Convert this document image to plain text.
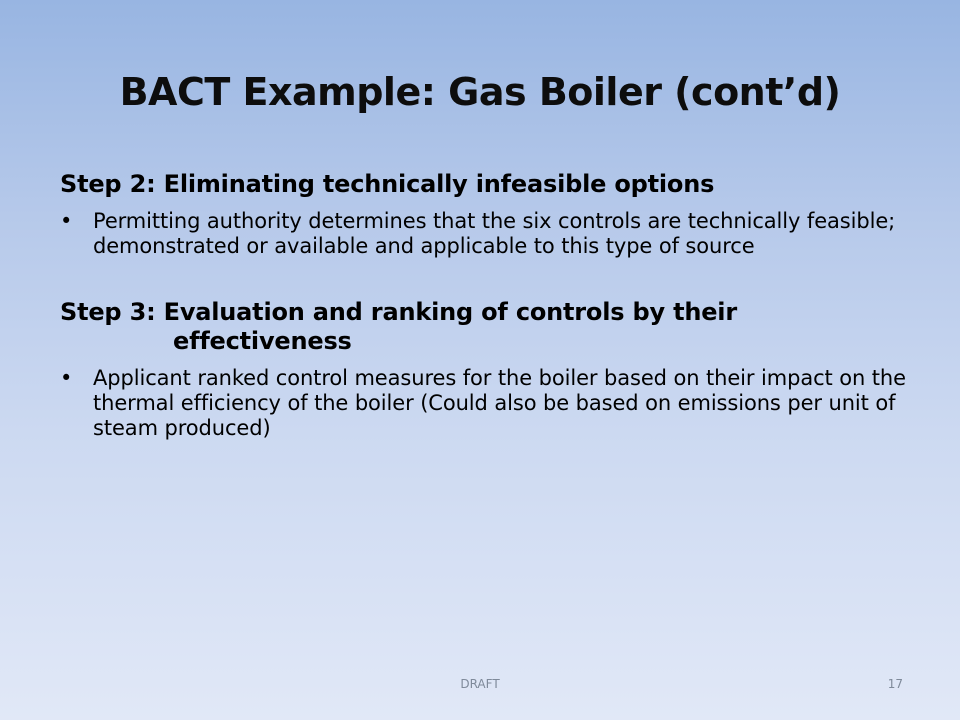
BACT Example: Gas Boiler (cont’d)
Step 2: Eliminating technically infeasible options
• Permitting authority determines that the six controls are technically feasible; demonstrated or available and applicable to this type of source
Step 3: Evaluation and ranking of controls by their
effectiveness
• Applicant ranked control measures for the boiler based on their impact on the thermal efficiency of the boiler (Could also be based on emissions per unit of steam produced)
DRAFT	17
